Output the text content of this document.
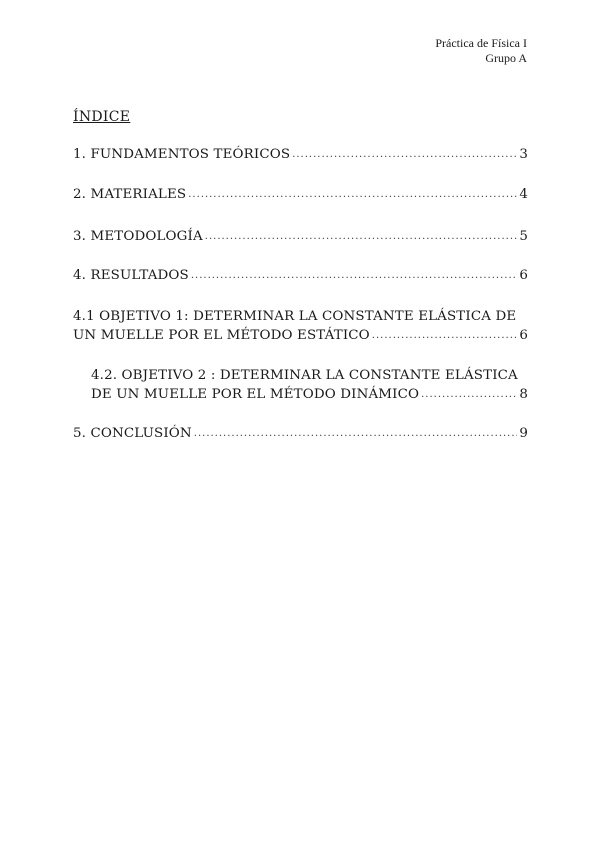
Práctica de Física I
Grupo A
ÍNDICE
1. FUNDAMENTOS TEÓRICOS .....	3
2. MATERIALES .....	4
3. METODOLOGÍA .....	5
4. RESULTADOS .....	6
4.1 OBJETIVO 1: DETERMINAR LA CONSTANTE ELÁSTICA DE
UN MUELLE POR EL MÉTODO ESTÁTICO .....	6
4.2. OBJETIVO 2 : DETERMINAR LA CONSTANTE ELÁSTICA
DE UN MUELLE POR EL MÉTODO DINÁMICO .....	8
5. CONCLUSIÓN .....	9
